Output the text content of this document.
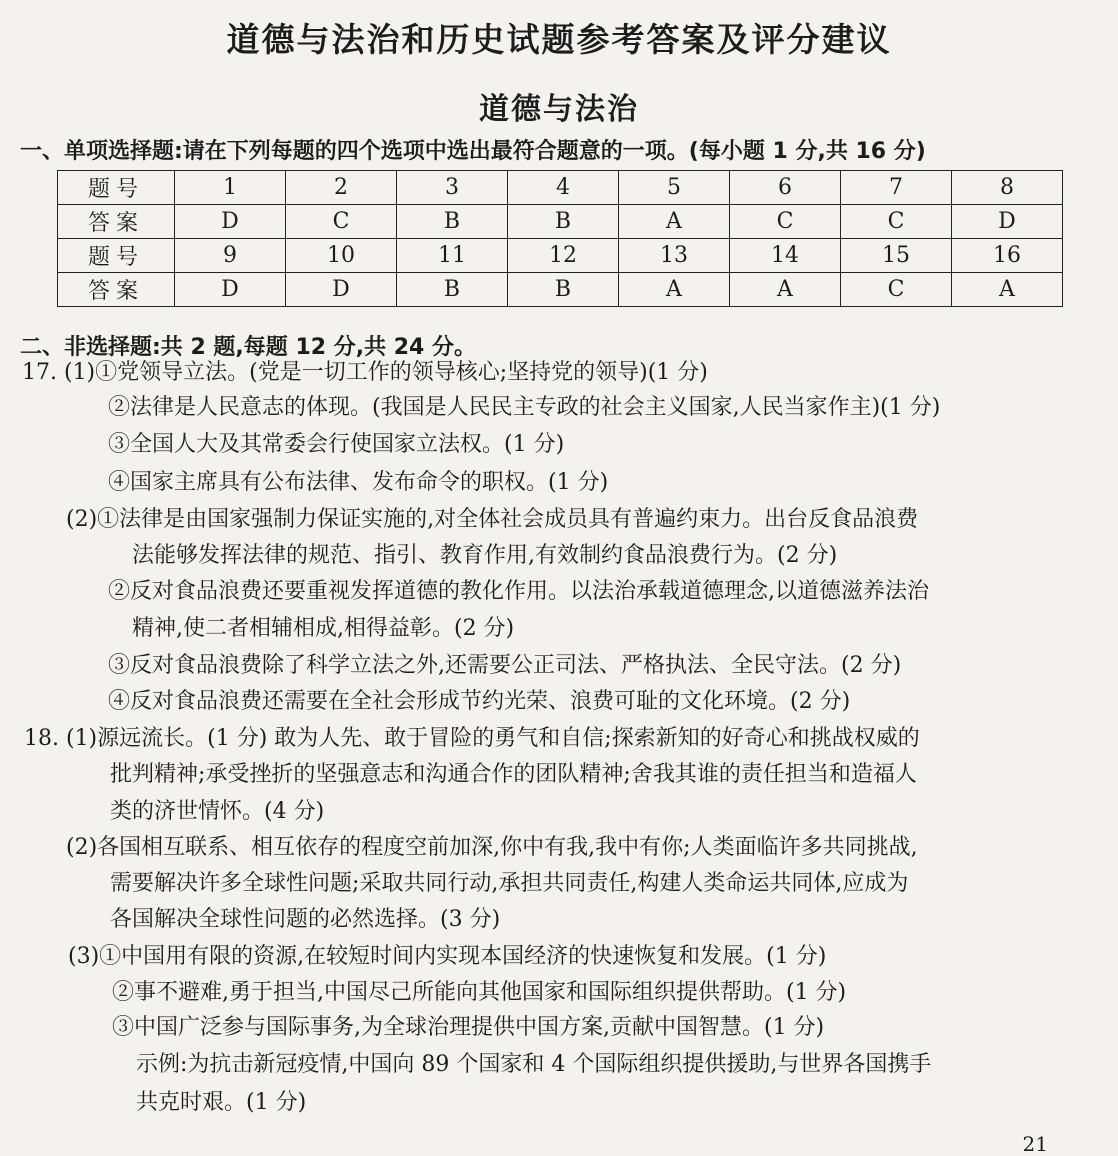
道德与法治和历史试题参考答案及评分建议
道德与法治
一、单项选择题:请在下列每题的四个选项中选出最符合题意的一项。(每小题 1 分,共 16 分)
题号	1	2	3	4	5	6	7	8
答案	D	C	B	B	A	C	C	D
题号	9	10	11	12	13	14	15	16
答案	D	D	B	B	A	A	C	A
二、非选择题:共 2 题,每题 12 分,共 24 分。
17. (1)①党领导立法。(党是一切工作的领导核心;坚持党的领导)(1 分)
②法律是人民意志的体现。(我国是人民民主专政的社会主义国家,人民当家作主)(1 分)
③全国人大及其常委会行使国家立法权。(1 分)
④国家主席具有公布法律、发布命令的职权。(1 分)
(2)①法律是由国家强制力保证实施的,对全体社会成员具有普遍约束力。出台反食品浪费
法能够发挥法律的规范、指引、教育作用,有效制约食品浪费行为。(2 分)
②反对食品浪费还要重视发挥道德的教化作用。以法治承载道德理念,以道德滋养法治
精神,使二者相辅相成,相得益彰。(2 分)
③反对食品浪费除了科学立法之外,还需要公正司法、严格执法、全民守法。(2 分)
④反对食品浪费还需要在全社会形成节约光荣、浪费可耻的文化环境。(2 分)
18. (1)源远流长。(1 分) 敢为人先、敢于冒险的勇气和自信;探索新知的好奇心和挑战权威的
批判精神;承受挫折的坚强意志和沟通合作的团队精神;舍我其谁的责任担当和造福人
类的济世情怀。(4 分)
(2)各国相互联系、相互依存的程度空前加深,你中有我,我中有你;人类面临许多共同挑战,
需要解决许多全球性问题;采取共同行动,承担共同责任,构建人类命运共同体,应成为
各国解决全球性问题的必然选择。(3 分)
(3)①中国用有限的资源,在较短时间内实现本国经济的快速恢复和发展。(1 分)
②事不避难,勇于担当,中国尽己所能向其他国家和国际组织提供帮助。(1 分)
③中国广泛参与国际事务,为全球治理提供中国方案,贡献中国智慧。(1 分)
示例:为抗击新冠疫情,中国向 89 个国家和 4 个国际组织提供援助,与世界各国携手
共克时艰。(1 分)
21
